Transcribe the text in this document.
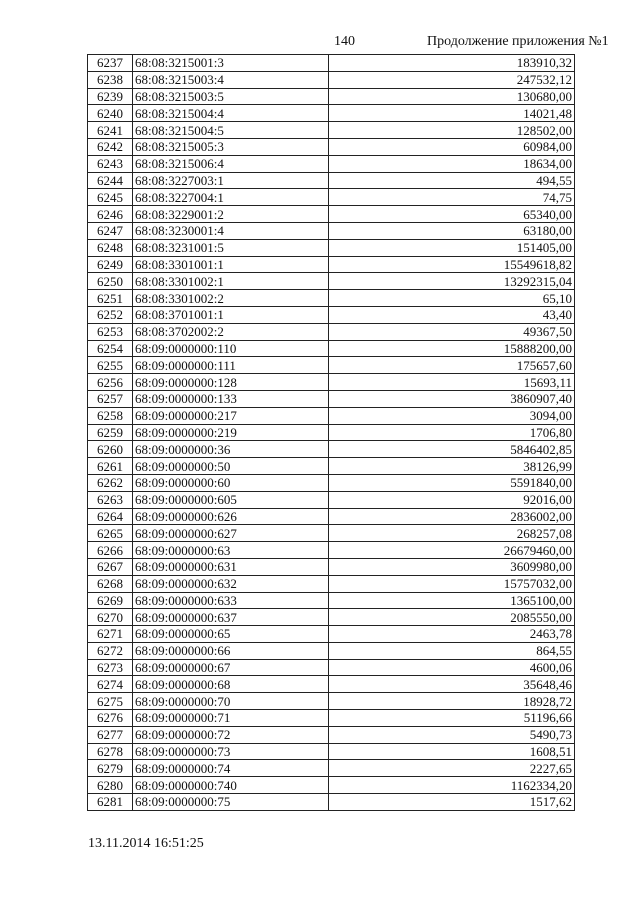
140	Продолжение приложения №1
6237	68:08:3215001:3	183910,32
6238	68:08:3215003:4	247532,12
6239	68:08:3215003:5	130680,00
6240	68:08:3215004:4	14021,48
6241	68:08:3215004:5	128502,00
6242	68:08:3215005:3	60984,00
6243	68:08:3215006:4	18634,00
6244	68:08:3227003:1	494,55
6245	68:08:3227004:1	74,75
6246	68:08:3229001:2	65340,00
6247	68:08:3230001:4	63180,00
6248	68:08:3231001:5	151405,00
6249	68:08:3301001:1	15549618,82
6250	68:08:3301002:1	13292315,04
6251	68:08:3301002:2	65,10
6252	68:08:3701001:1	43,40
6253	68:08:3702002:2	49367,50
6254	68:09:0000000:110	15888200,00
6255	68:09:0000000:111	175657,60
6256	68:09:0000000:128	15693,11
6257	68:09:0000000:133	3860907,40
6258	68:09:0000000:217	3094,00
6259	68:09:0000000:219	1706,80
6260	68:09:0000000:36	5846402,85
6261	68:09:0000000:50	38126,99
6262	68:09:0000000:60	5591840,00
6263	68:09:0000000:605	92016,00
6264	68:09:0000000:626	2836002,00
6265	68:09:0000000:627	268257,08
6266	68:09:0000000:63	26679460,00
6267	68:09:0000000:631	3609980,00
6268	68:09:0000000:632	15757032,00
6269	68:09:0000000:633	1365100,00
6270	68:09:0000000:637	2085550,00
6271	68:09:0000000:65	2463,78
6272	68:09:0000000:66	864,55
6273	68:09:0000000:67	4600,06
6274	68:09:0000000:68	35648,46
6275	68:09:0000000:70	18928,72
6276	68:09:0000000:71	51196,66
6277	68:09:0000000:72	5490,73
6278	68:09:0000000:73	1608,51
6279	68:09:0000000:74	2227,65
6280	68:09:0000000:740	1162334,20
6281	68:09:0000000:75	1517,62
13.11.2014 16:51:25
